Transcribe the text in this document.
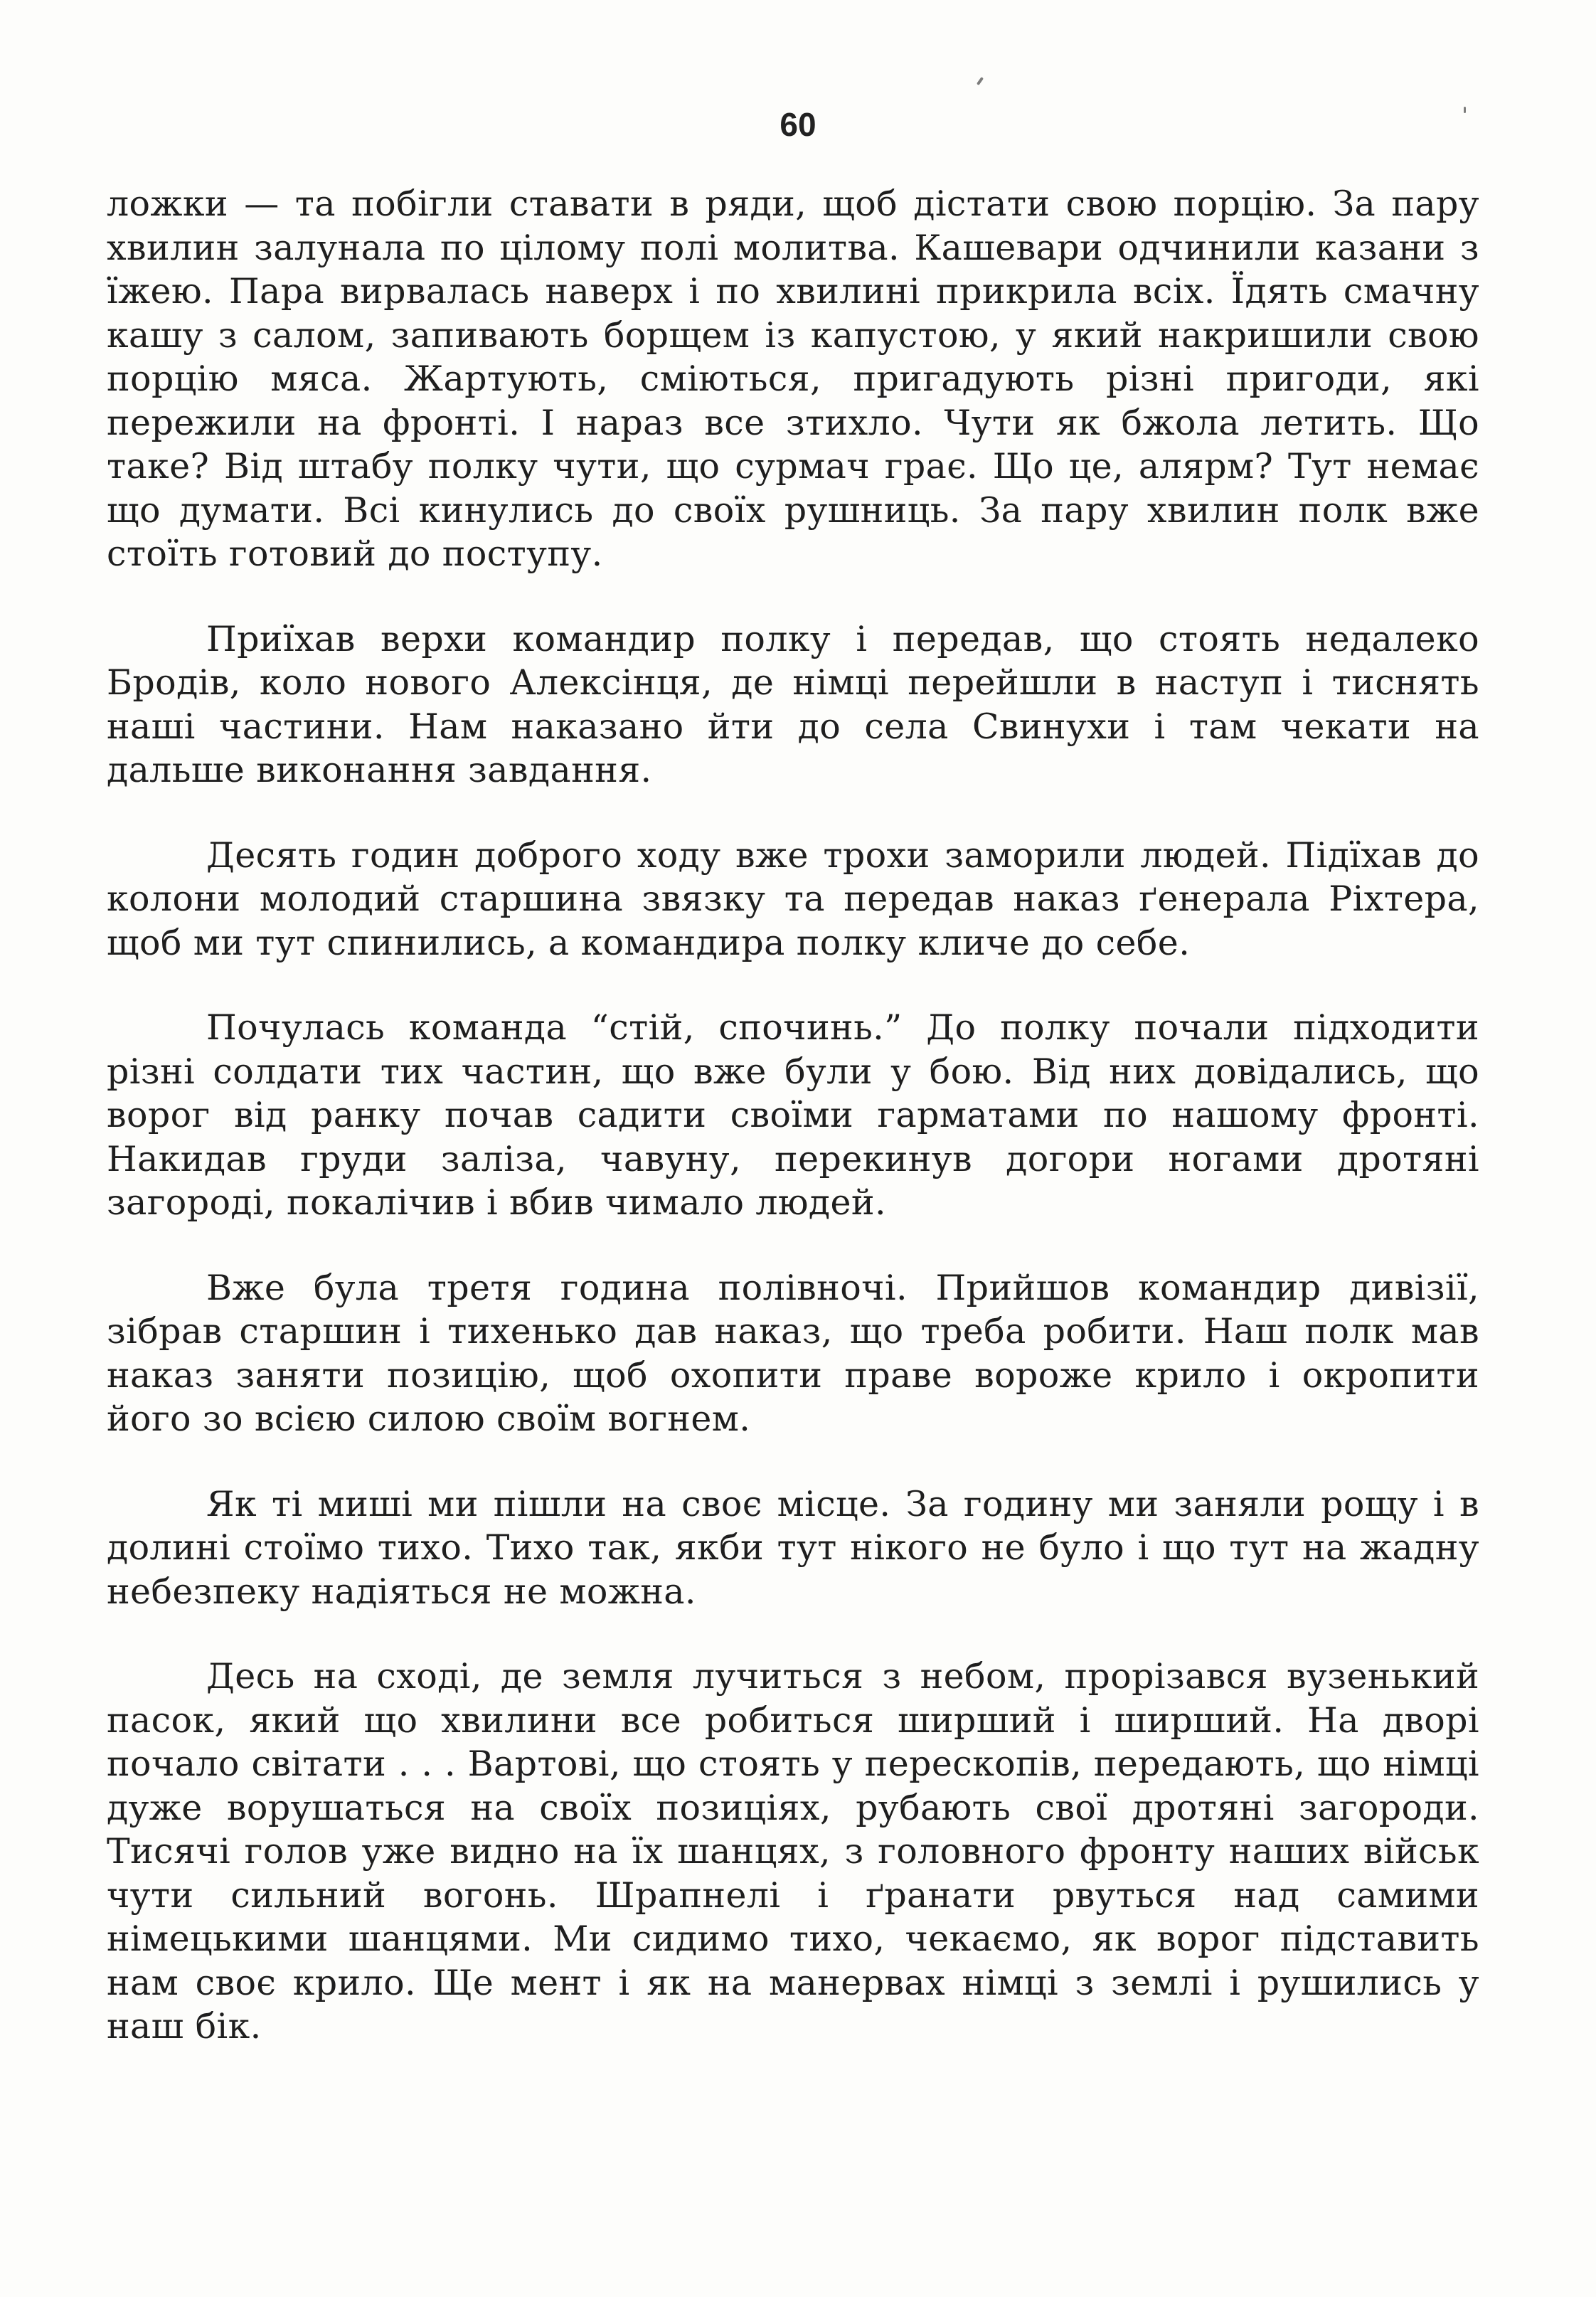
60

ложки — та побігли ставати в ряди, щоб дістати свою порцію. За пару хвилин залунала по цілому полі молитва. Кашевари одчинили казани з їжею. Пара вирвалась наверх і по хвилині прикрила всіх. Їдять смачну кашу з салом, запивають борщем із капустою, у який накришили свою порцію мяса. Жартують, сміються, пригадують різні пригоди, які пережили на фронті. І нараз все зтихло. Чути як бжола летить. Що таке? Від штабу полку чути, що сурмач грає. Що це, алярм? Тут немає що думати. Всі кинулись до своїх рушниць. За пару хвилин полк вже стоїть готовий до поступу.

Приїхав верхи командир полку і передав, що стоять недалеко Бродів, коло нового Алексінця, де німці перейшли в наступ і тиснять наші частини. Нам наказано йти до села Свинухи і там чекати на дальше виконання завдання.

Десять годин доброго ходу вже трохи заморили людей. Підїхав до колони молодий старшина звязку та передав наказ ґенерала Ріхтера, щоб ми тут спинились, а командира полку кличе до себе.

Почулась команда “стій, спочинь.” До полку почали підходити різні солдати тих частин, що вже були у бою. Від них довідались, що ворог від ранку почав садити своїми гарматами по нашому фронті. Накидав груди заліза, чавуну, перекинув догори ногами дротяні загороді, покалічив і вбив чимало людей.

Вже була третя година полівночі. Прийшов командир дивізії, зібрав старшин і тихенько дав наказ, що треба робити. Наш полк мав наказ заняти позицію, щоб охопити праве вороже крило і окропити його зо всією силою своїм вогнем.

Як ті миші ми пішли на своє місце. За годину ми заняли рощу і в долині стоїмо тихо. Тихо так, якби тут нікого не було і що тут на жадну небезпеку надіятьcя не можна.

Десь на сході, де земля лучиться з небом, прорізався вузенький пасок, який що хвилини все робиться ширший і ширший. На дворі почало світати . . . Вартові, що стоять у перескопів, передають, що німці дуже ворушаться на своїх позиціях, рубають свої дротяні загороди. Тисячі голов уже видно на їх шанцях, з головного фронту наших військ чути сильний вогонь. Шрапнелі і ґранати рвуться над самими німецькими шанцями. Ми сидимо тихо, чекаємо, як ворог підставить нам своє крило. Ще мент і як на манервах німці з землі і рушились у наш бік.
